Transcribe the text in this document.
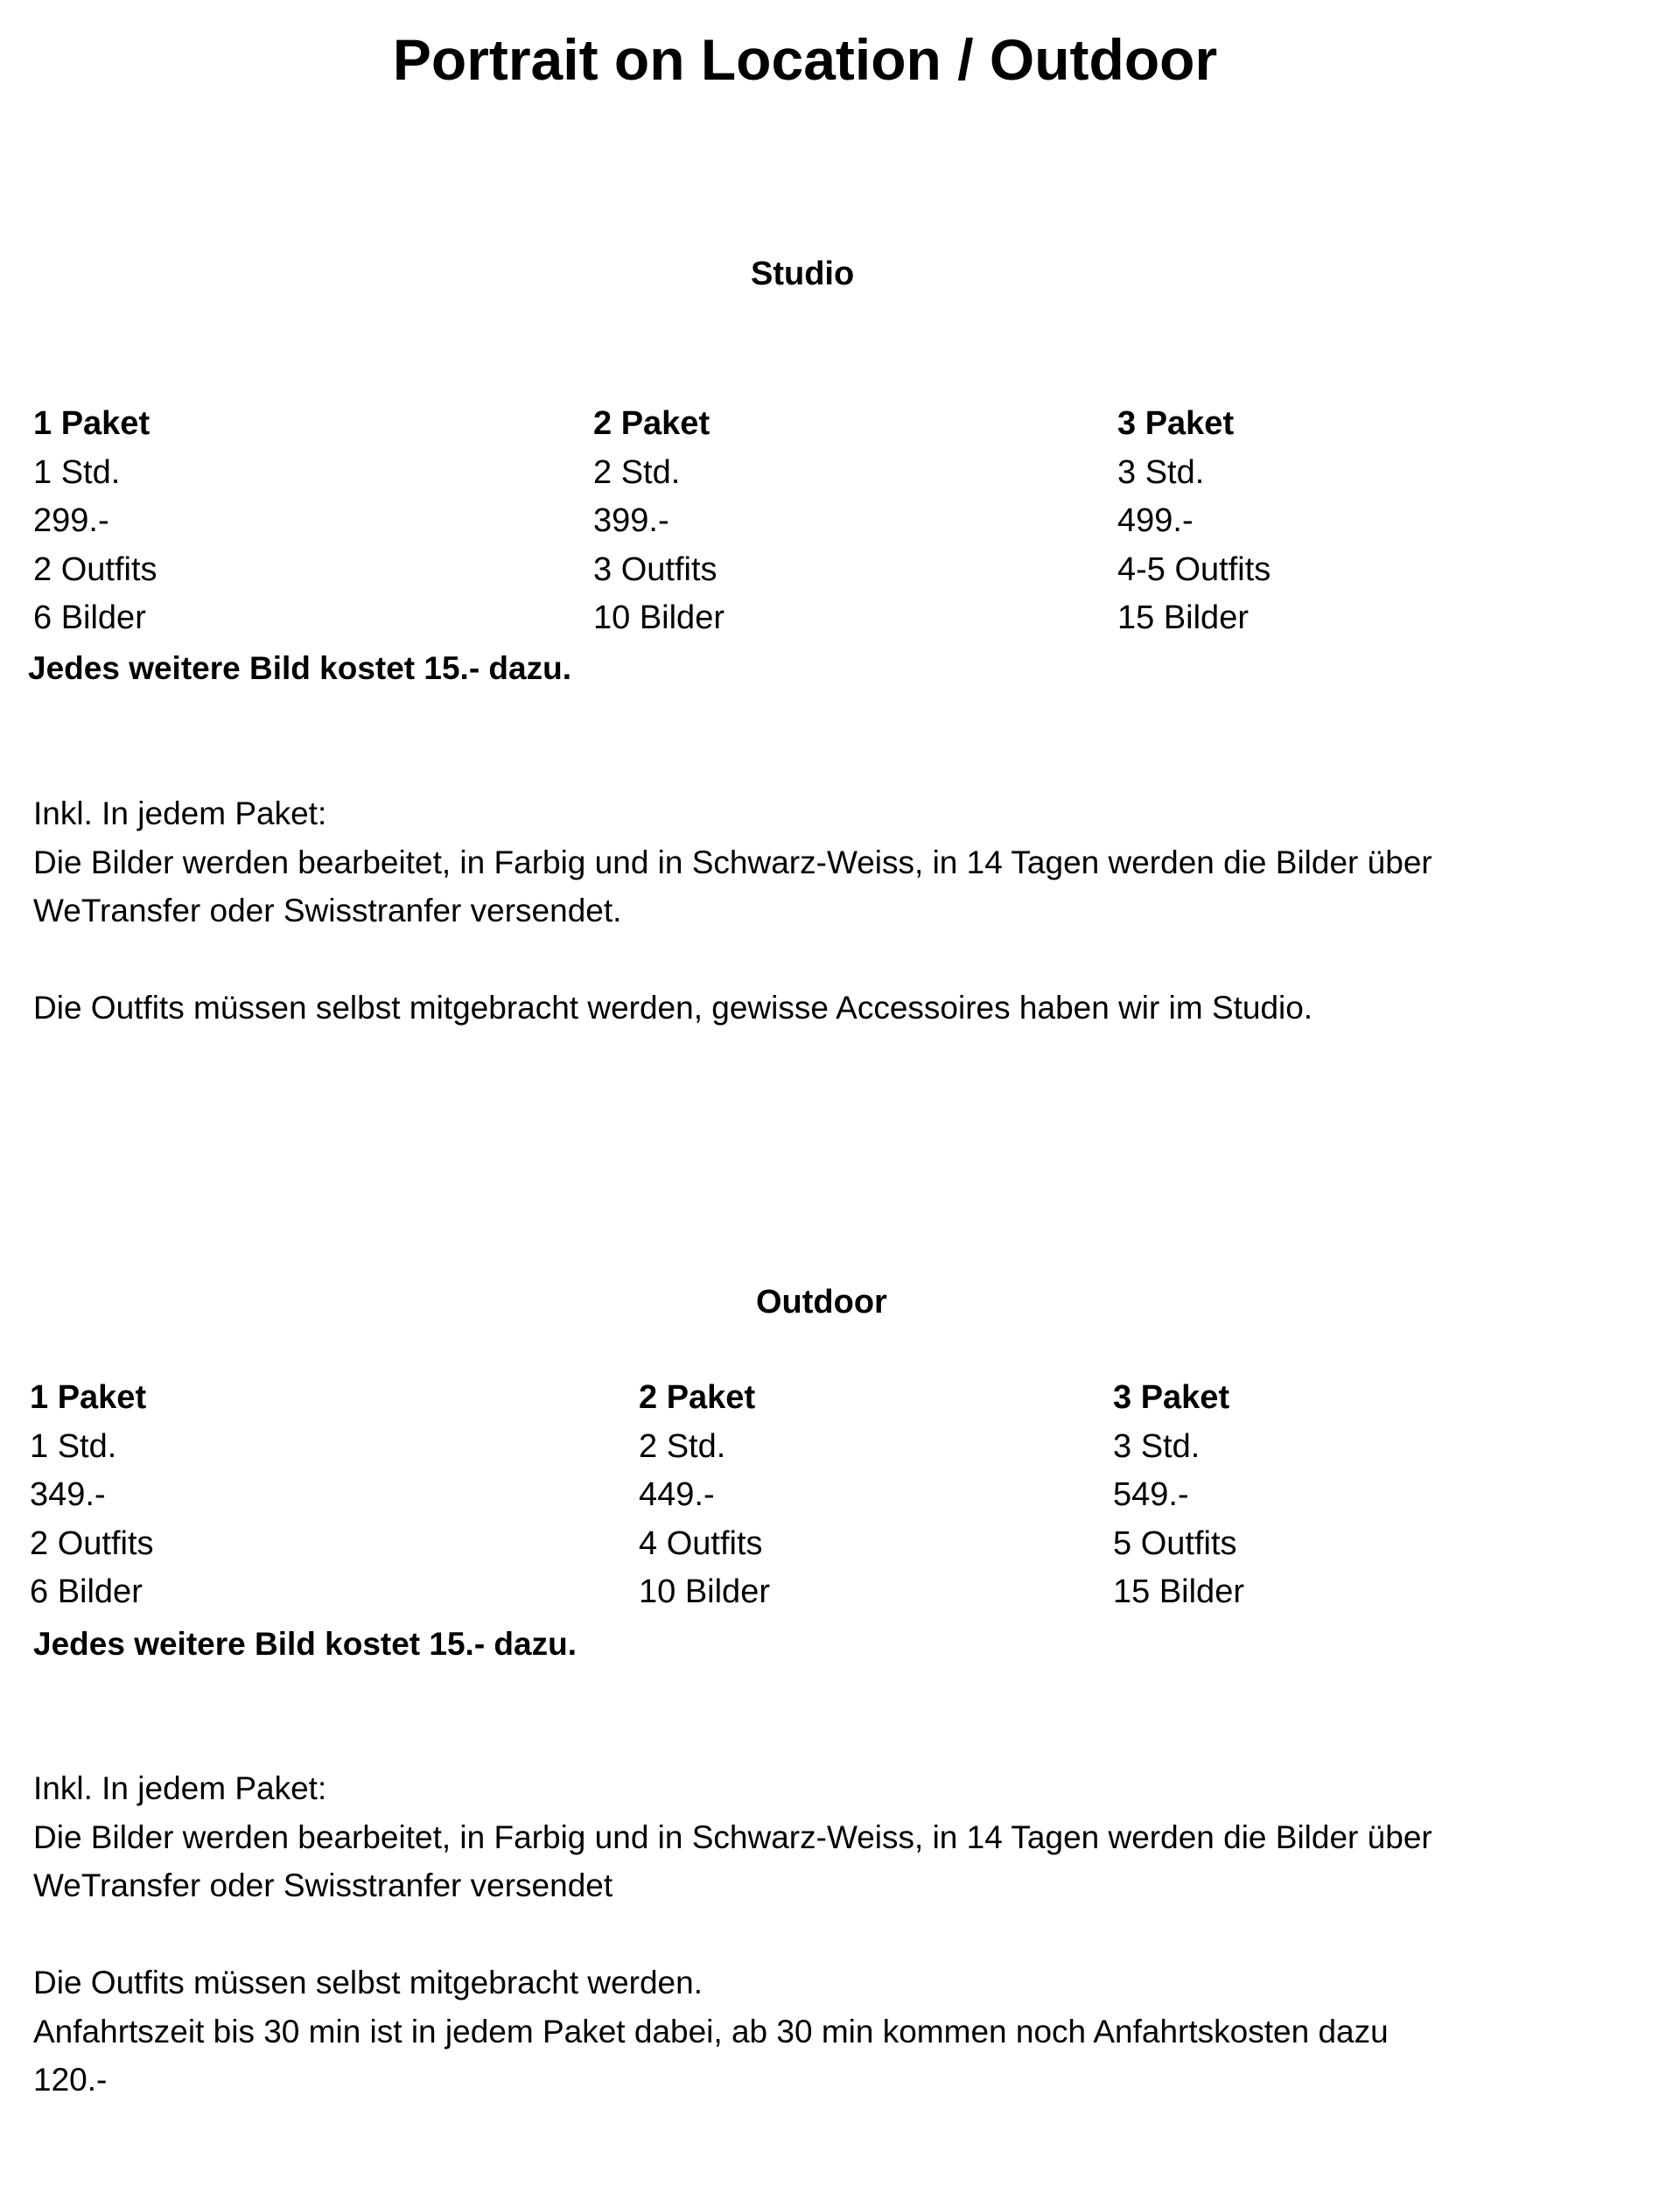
Portrait on Location / Outdoor
Studio
1 Paket
1 Std.
299.-
2 Outfits
6 Bilder
2 Paket
2 Std.
399.-
3 Outfits
10 Bilder
3 Paket
3 Std.
499.-
4-5 Outfits
15 Bilder
Jedes weitere Bild kostet 15.- dazu.

Inkl. In jedem Paket:

Die Bilder werden bearbeitet, in Farbig und in Schwarz-Weiss, in 14 Tagen werden die Bilder über

WeTransfer oder Swisstranfer versendet.

Die Outfits müssen selbst mitgebracht werden, gewisse Accessoires haben wir im Studio.

Outdoor
1 Paket
1 Std.
349.-
2 Outfits
6 Bilder
2 Paket
2 Std.
449.-
4 Outfits
10 Bilder
3 Paket
3 Std.
549.-
5 Outfits
15 Bilder
Jedes weitere Bild kostet 15.- dazu.

Inkl. In jedem Paket:

Die Bilder werden bearbeitet, in Farbig und in Schwarz-Weiss, in 14 Tagen werden die Bilder über

WeTransfer oder Swisstranfer versendet

Die Outfits müssen selbst mitgebracht werden.

Anfahrtszeit bis 30 min ist in jedem Paket dabei, ab 30 min kommen noch Anfahrtskosten dazu

120.-
